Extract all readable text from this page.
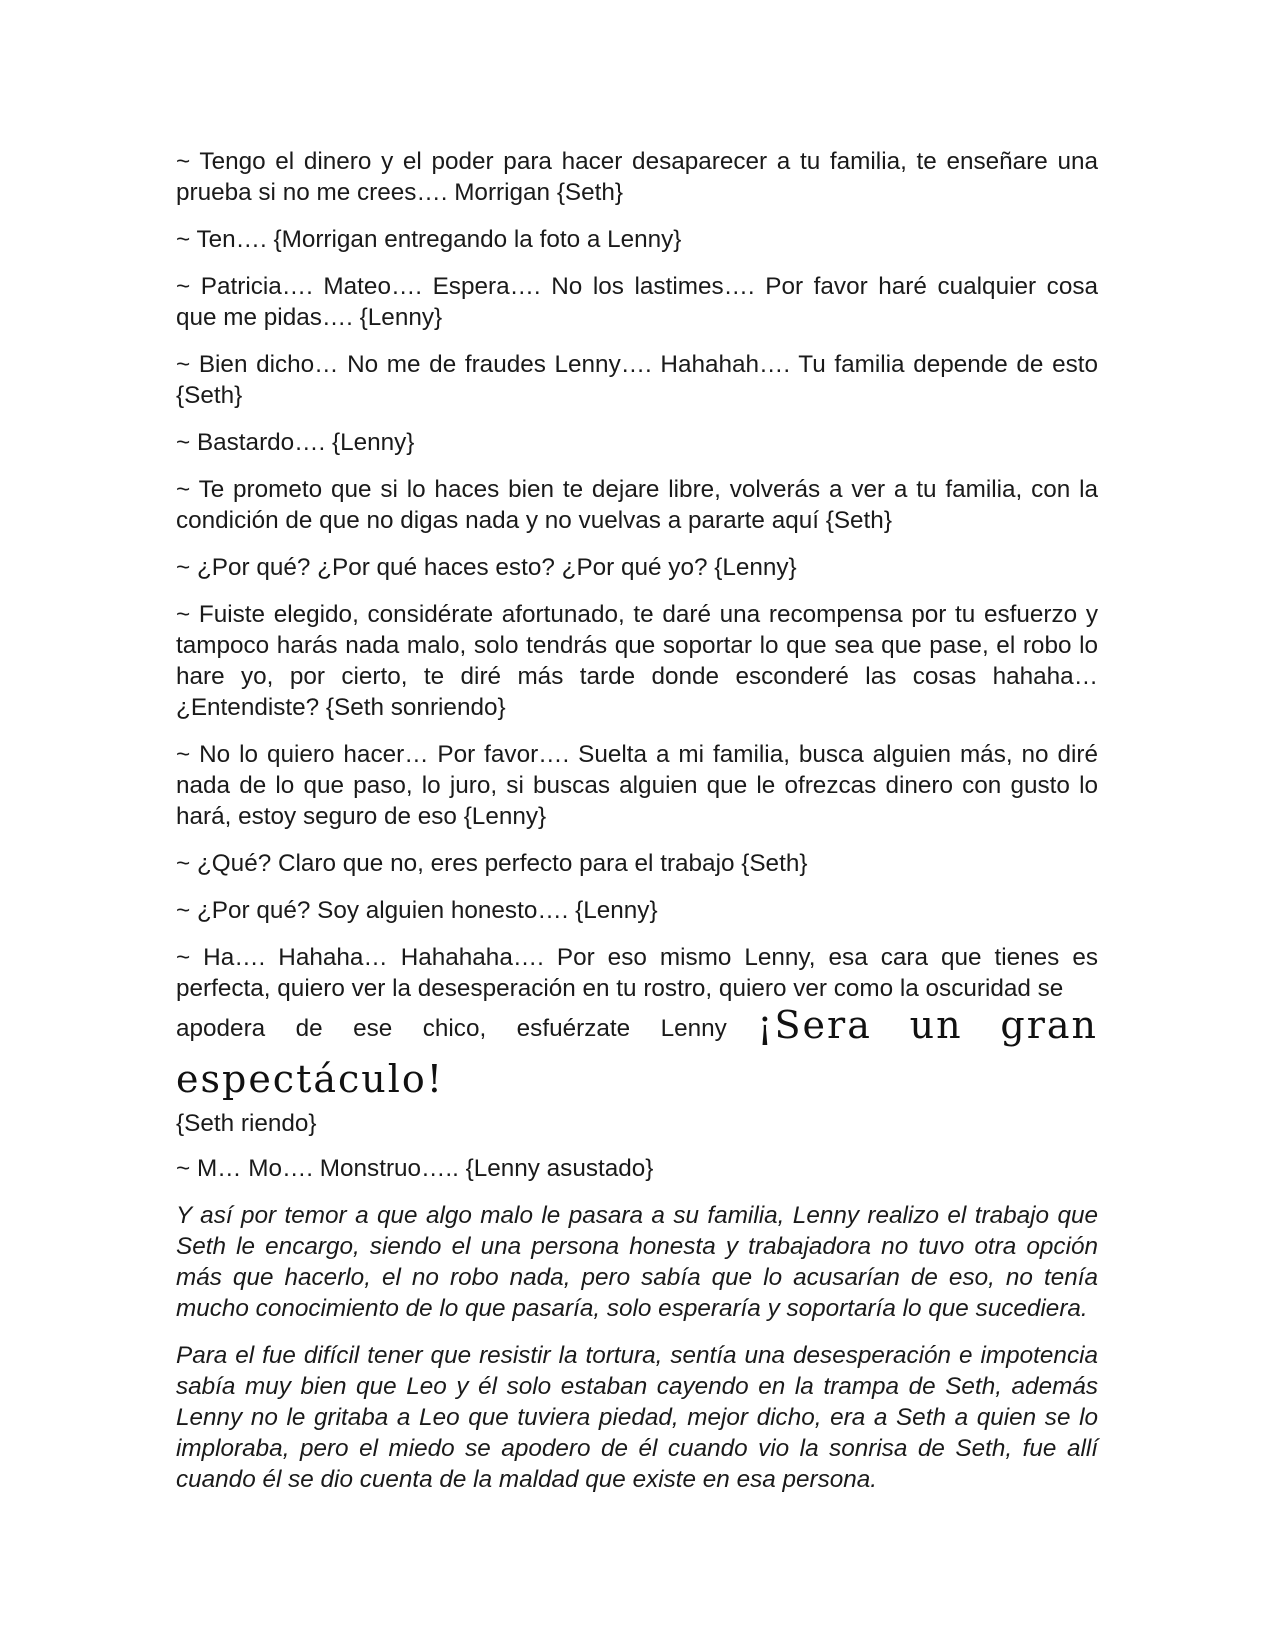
~ Tengo el dinero y el poder para hacer desaparecer a tu familia, te enseñare una prueba si no me crees…. Morrigan {Seth}

~ Ten…. {Morrigan entregando la foto a Lenny}

~ Patricia…. Mateo…. Espera…. No los lastimes…. Por favor haré cualquier cosa que me pidas…. {Lenny}

~ Bien dicho… No me de fraudes Lenny…. Hahahah…. Tu familia depende de esto {Seth}

~ Bastardo…. {Lenny}

~ Te prometo que si lo haces bien te dejare libre, volverás a ver a tu familia, con la condición de que no digas nada y no vuelvas a pararte aquí {Seth}

~ ¿Por qué? ¿Por qué haces esto? ¿Por qué yo? {Lenny}

~ Fuiste elegido, considérate afortunado, te daré una recompensa por tu esfuerzo y tampoco harás nada malo, solo tendrás que soportar lo que sea que pase, el robo lo hare yo, por cierto, te diré más tarde donde esconderé las cosas hahaha… ¿Entendiste? {Seth sonriendo}

~ No lo quiero hacer… Por favor…. Suelta a mi familia, busca alguien más, no diré nada de lo que paso, lo juro, si buscas alguien que le ofrezcas dinero con gusto lo hará, estoy seguro de eso {Lenny}

~ ¿Qué? Claro que no, eres perfecto para el trabajo {Seth}

~ ¿Por qué? Soy alguien honesto…. {Lenny}

~ Ha…. Hahaha… Hahahaha…. Por eso mismo Lenny, esa cara que tienes es perfecta, quiero ver la desesperación en tu rostro, quiero ver como la oscuridad se
apodera de ese chico, esfuérzate Lenny ¡Sera un gran espectáculo!
{Seth riendo}

~ M… Mo…. Monstruo….. {Lenny asustado}

Y así por temor a que algo malo le pasara a su familia, Lenny realizo el trabajo que Seth le encargo, siendo el una persona honesta y trabajadora no tuvo otra opción más que hacerlo, el no robo nada, pero sabía que lo acusarían de eso, no tenía mucho conocimiento de lo que pasaría, solo esperaría y soportaría lo que sucediera.

Para el fue difícil tener que resistir la tortura, sentía una desesperación e impotencia sabía muy bien que Leo y él solo estaban cayendo en la trampa de Seth, además Lenny no le gritaba a Leo que tuviera piedad, mejor dicho, era a Seth a quien se lo imploraba, pero el miedo se apodero de él cuando vio la sonrisa de Seth, fue allí cuando él se dio cuenta de la maldad que existe en esa persona.
